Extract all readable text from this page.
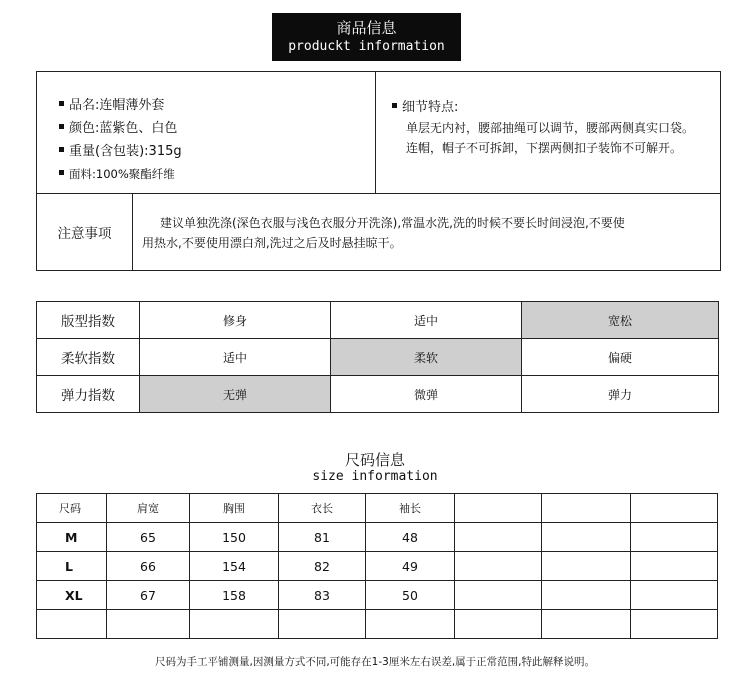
商品信息
produckt information
品名:连帽薄外套
颜色:蓝紫色、白色
重量(含包装):315g
面料:100%聚酯纤维
细节特点:
单层无内衬，腰部抽绳可以调节，腰部两侧真实口袋。
连帽，帽子不可拆卸，下摆两侧扣子装饰不可解开。
注意事项
建议单独洗涤(深色衣服与浅色衣服分开洗涤),常温水洗,洗的时候不要长时间浸泡,不要使
用热水,不要使用漂白剂,洗过之后及时悬挂晾干。
版型指数	修身	适中	宽松
柔软指数	适中	柔软	偏硬
弹力指数	无弹	微弹	弹力
尺码信息
size information
尺码	肩宽	胸围	衣长	袖长			
M	65	150	81	48			
L	66	154	82	49			
XL	67	158	83	50			

尺码为手工平铺测量,因测量方式不同,可能存在1-3厘米左右误差,属于正常范围,特此解释说明。
